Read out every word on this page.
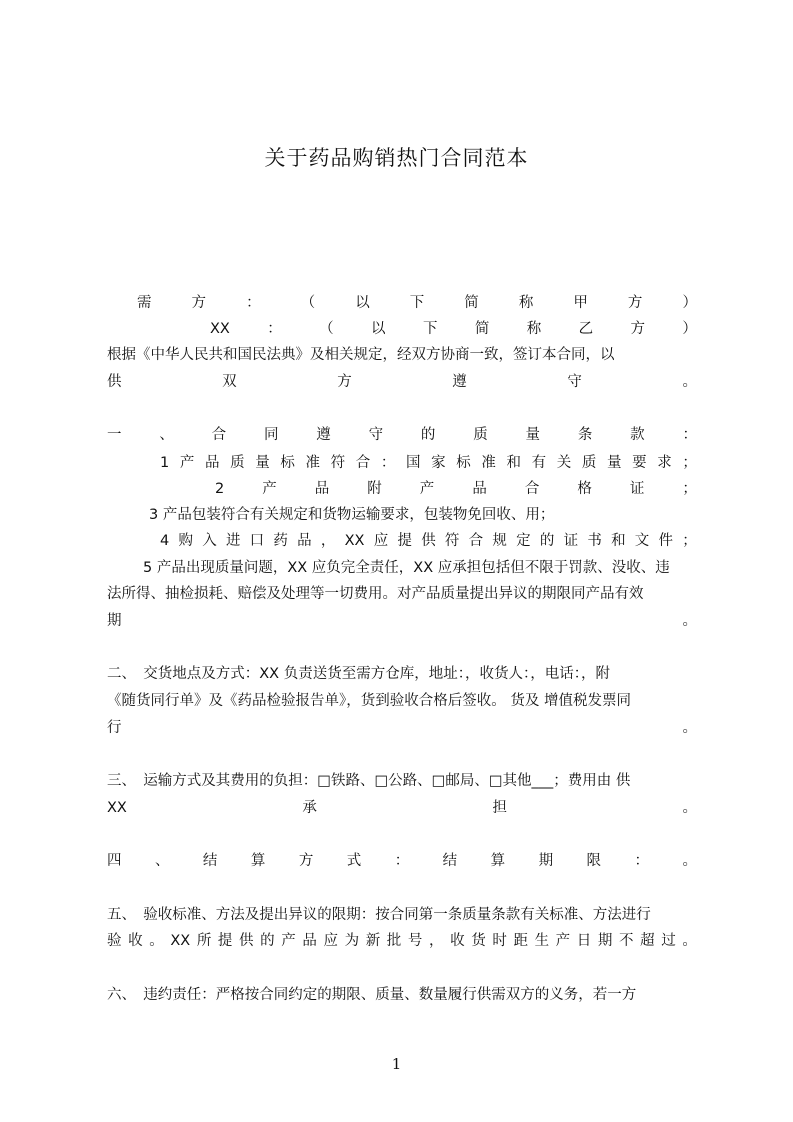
关于药品购销热门合同范本
需	方	：	（	以	下	简	称	甲	方	）
XX	：	（	以	下	简	称	乙	方	）
根据《中华人民共和国民法典》及相关规定，经双方协商一致，签订本合同，以
供	双	方	遵	守	。
一	、	合	同	遵	守	的	质	量	条	款	：
1 产 品 质 量 标 准 符 合 ： 国 家 标 准 和 有 关 质 量 要 求 ；
2	产	品	附	产	品	合	格	证	；
3 产品包装符合有关规定和货物运输要求，包装物免回收、用；
4 购 入 进 口 药 品 ， XX 应 提 供 符 合 规 定 的 证 书 和 文 件 ；
5 产品出现质量问题，XX 应负完全责任，XX 应承担包括但不限于罚款、没收、违
法所得、抽检损耗、赔偿及处理等一切费用。对产品质量提出异议的期限同产品有效
期	。
二、　交货地点及方式：XX 负责送货至需方仓库，地址：，收货人：，电话：，附
《随货同行单》及《药品检验报告单》，货到验收合格后签收。 货及 增值税发票同
行	。
三、　运输方式及其费用的负担：□铁路、□公路、□邮局、□其他___；费用由 供
XX	承	担	。
四 、 结 算 方 式 ： 结 算 期 限 ： 。
五、　验收标准、方法及提出异议的限期：按合同第一条质量条款有关标准、方法进行
验 收 。 XX 所 提 供 的 产 品 应 为 新 批 号 ， 收 货 时 距 生 产 日 期 不 超 过 。
六、　违约责任：严格按合同约定的期限、质量、数量履行供需双方的义务，若一方
1
